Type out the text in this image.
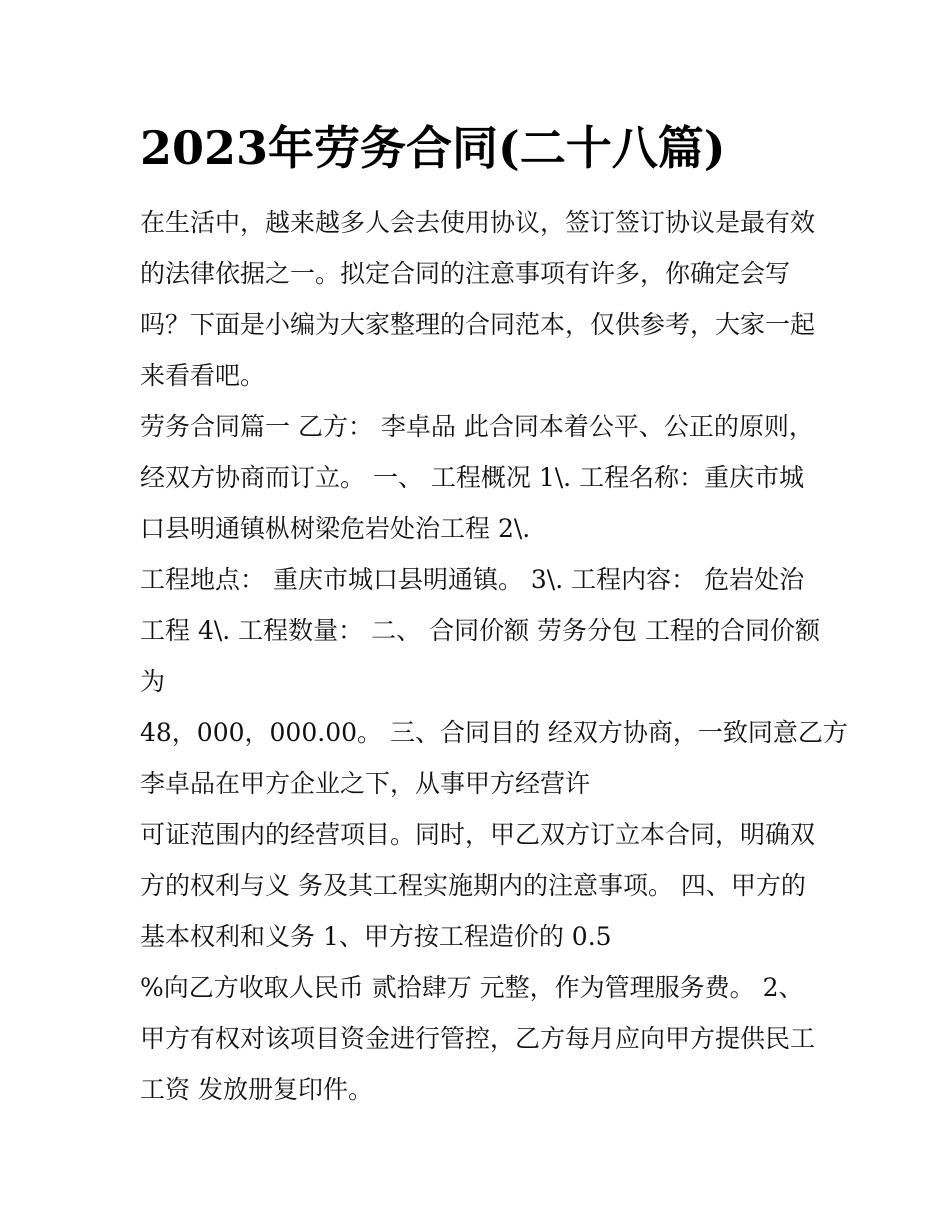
2023年劳务合同(二十八篇)
在生活中，越来越多人会去使用协议，签订签订协议是最有效
的法律依据之一。拟定合同的注意事项有许多，你确定会写
吗？下面是小编为大家整理的合同范本，仅供参考，大家一起
来看看吧。
劳务合同篇一 乙方： 李卓品 此合同本着公平、公正的原则，
经双方协商而订立。 一、 工程概况 1\. 工程名称：重庆市城
口县明通镇枞树梁危岩处治工程 2\.
工程地点： 重庆市城口县明通镇。 3\. 工程内容： 危岩处治
工程 4\. 工程数量： 二、 合同价额 劳务分包 工程的合同价额
为
48，000，000.00。 三、合同目的 经双方协商，一致同意乙方
李卓品在甲方企业之下，从事甲方经营许
可证范围内的经营项目。同时，甲乙双方订立本合同，明确双
方的权利与义 务及其工程实施期内的注意事项。 四、甲方的
基本权利和义务 1、甲方按工程造价的 0.5
%向乙方收取人民币 贰拾肆万 元整，作为管理服务费。 2、
甲方有权对该项目资金进行管控，乙方每月应向甲方提供民工
工资 发放册复印件。
